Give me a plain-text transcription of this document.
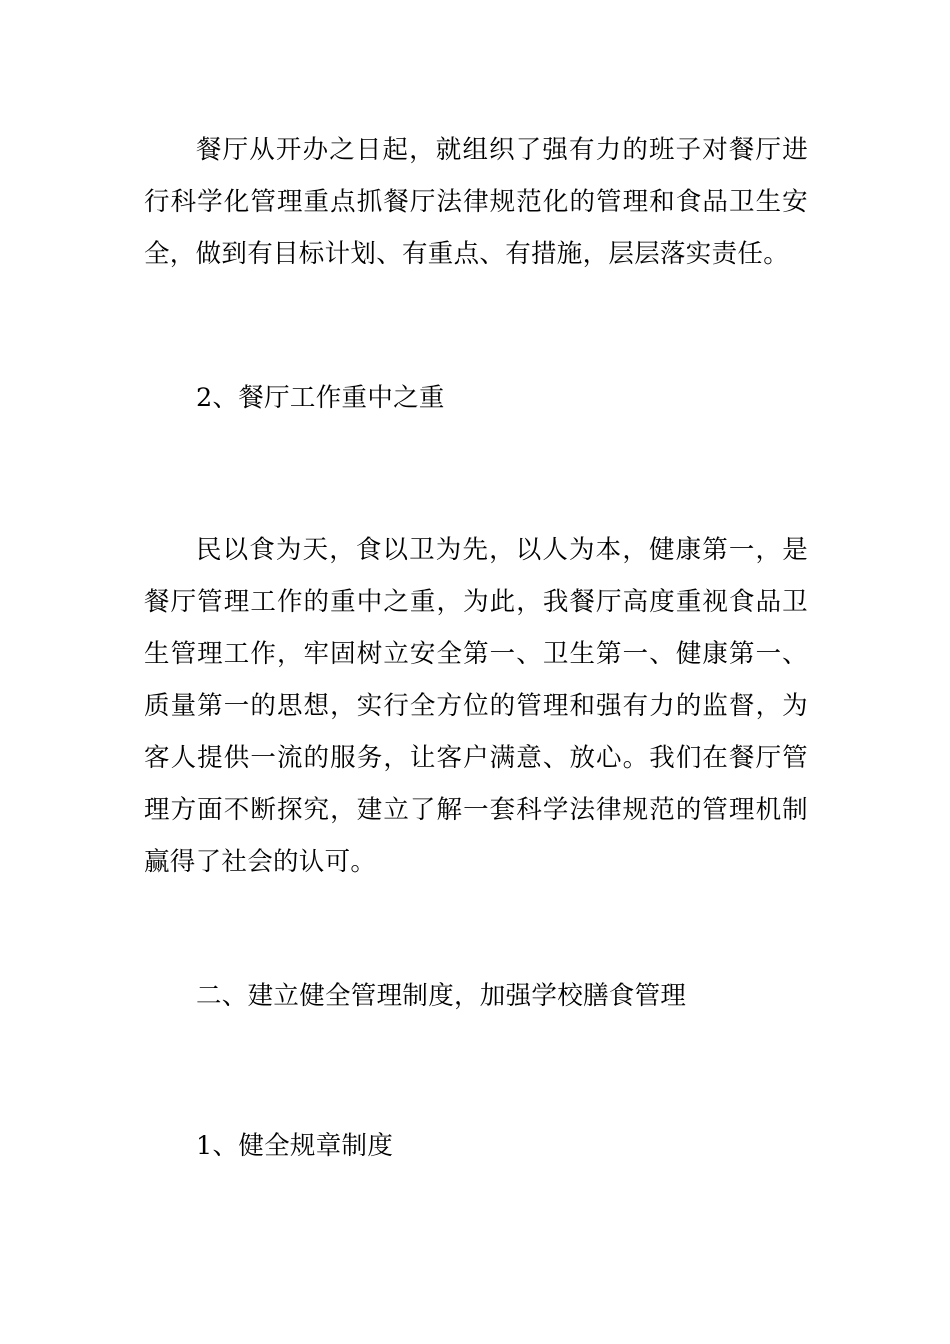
餐厅从开办之日起，就组织了强有力的班子对餐厅进行科学化管理重点抓餐厅法律规范化的管理和食品卫生安全，做到有目标计划、有重点、有措施，层层落实责任。

2、餐厅工作重中之重

民以食为天，食以卫为先，以人为本，健康第一，是餐厅管理工作的重中之重，为此，我餐厅高度重视食品卫生管理工作，牢固树立安全第一、卫生第一、健康第一、质量第一的思想，实行全方位的管理和强有力的监督，为客人提供一流的服务，让客户满意、放心。我们在餐厅管理方面不断探究，建立了解一套科学法律规范的管理机制赢得了社会的认可。

二、建立健全管理制度，加强学校膳食管理

1、健全规章制度
